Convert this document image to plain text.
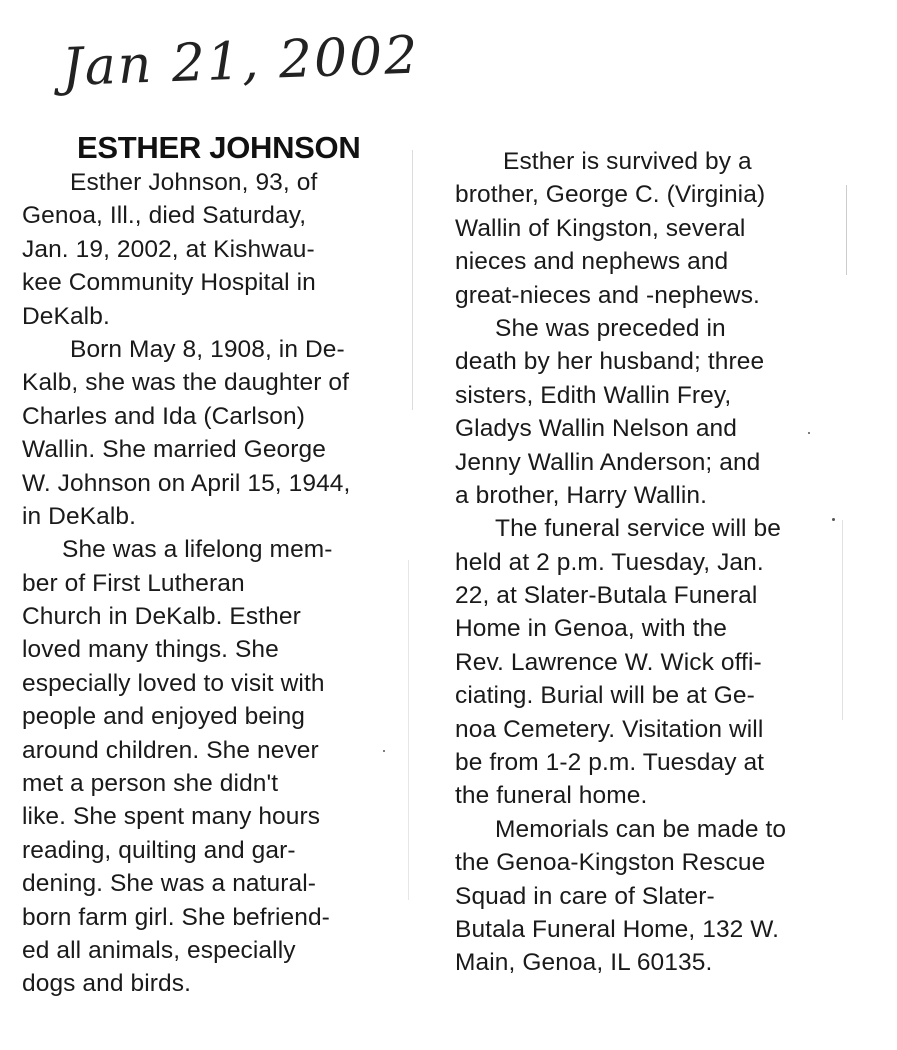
Jan 21, 2002
ESTHER JOHNSON
Esther Johnson, 93, of
Genoa, Ill., died Saturday,
Jan. 19, 2002, at Kishwau-
kee Community Hospital in
DeKalb.
Born May 8, 1908, in De-
Kalb, she was the daughter of
Charles and Ida (Carlson)
Wallin. She married George
W. Johnson on April 15, 1944,
in DeKalb.
She was a lifelong mem-
ber of First Lutheran
Church in DeKalb. Esther
loved many things. She
especially loved to visit with
people and enjoyed being
around children. She never
met a person she didn't
like. She spent many hours
reading, quilting and gar-
dening. She was a natural-
born farm girl. She befriend-
ed all animals, especially
dogs and birds.
Esther is survived by a
brother, George C. (Virginia)
Wallin of Kingston, several
nieces and nephews and
great-nieces and -nephews.
She was preceded in
death by her husband; three
sisters, Edith Wallin Frey,
Gladys Wallin Nelson and
Jenny Wallin Anderson; and
a brother, Harry Wallin.
The funeral service will be
held at 2 p.m. Tuesday, Jan.
22, at Slater-Butala Funeral
Home in Genoa, with the
Rev. Lawrence W. Wick offi-
ciating. Burial will be at Ge-
noa Cemetery. Visitation will
be from 1-2 p.m. Tuesday at
the funeral home.
Memorials can be made to
the Genoa-Kingston Rescue
Squad in care of Slater-
Butala Funeral Home, 132 W.
Main, Genoa, IL 60135.
